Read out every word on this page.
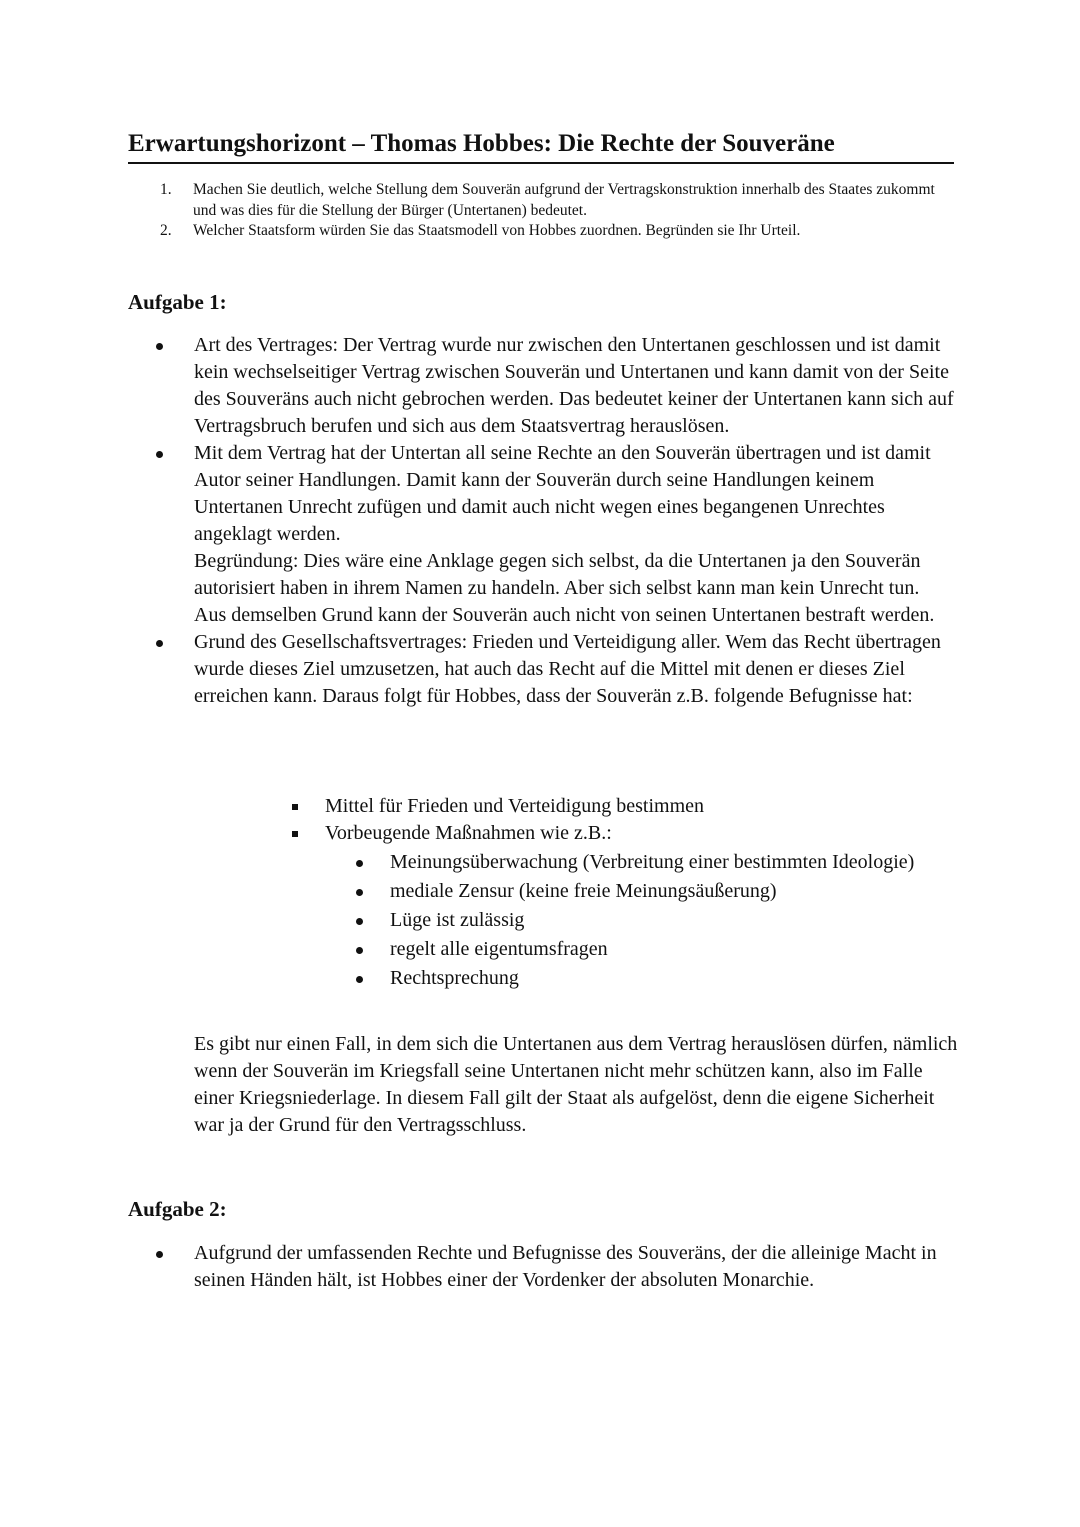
Erwartungshorizont – Thomas Hobbes: Die Rechte der Souveräne
1. Machen Sie deutlich, welche Stellung dem Souverän aufgrund der Vertragskonstruktion innerhalb des Staates zukommt und was dies für die Stellung der Bürger (Untertanen) bedeutet.
2. Welcher Staatsform würden Sie das Staatsmodell von Hobbes zuordnen. Begründen sie Ihr Urteil.
Aufgabe 1:

Art des Vertrages: Der Vertrag wurde nur zwischen den Untertanen geschlossen und ist damit kein wechselseitiger Vertrag zwischen Souverän und Untertanen und kann damit von der Seite des Souveräns auch nicht gebrochen werden. Das bedeutet keiner der Untertanen kann sich auf Vertragsbruch berufen und sich aus dem Staatsvertrag herauslösen.

Mit dem Vertrag hat der Untertan all seine Rechte an den Souverän übertragen und ist damit Autor seiner Handlungen. Damit kann der Souverän durch seine Handlungen keinem Untertanen Unrecht zufügen und damit auch nicht wegen eines begangenen Unrechtes angeklagt werden.

Begründung: Dies wäre eine Anklage gegen sich selbst, da die Untertanen ja den Souverän autorisiert haben in ihrem Namen zu handeln. Aber sich selbst kann man kein Unrecht tun. Aus demselben Grund kann der Souverän auch nicht von seinen Untertanen bestraft werden.

Grund des Gesellschaftsvertrages: Frieden und Verteidigung aller. Wem das Recht übertragen wurde dieses Ziel umzusetzen, hat auch das Recht auf die Mittel mit denen er dieses Ziel erreichen kann. Daraus folgt für Hobbes, dass der Souverän z.B. folgende Befugnisse hat:

Mittel für Frieden und Verteidigung bestimmen
Vorbeugende Maßnahmen wie z.B.:
Meinungsüberwachung (Verbreitung einer bestimmten Ideologie)
mediale Zensur (keine freie Meinungsäußerung)
Lüge ist zulässig
regelt alle eigentumsfragen
Rechtsprechung

Es gibt nur einen Fall, in dem sich die Untertanen aus dem Vertrag herauslösen dürfen, nämlich wenn der Souverän im Kriegsfall seine Untertanen nicht mehr schützen kann, also im Falle einer Kriegsniederlage. In diesem Fall gilt der Staat als aufgelöst, denn die eigene Sicherheit war ja der Grund für den Vertragsschluss.

Aufgabe 2:

Aufgrund der umfassenden Rechte und Befugnisse des Souveräns, der die alleinige Macht in seinen Händen hält, ist Hobbes einer der Vordenker der absoluten Monarchie.
